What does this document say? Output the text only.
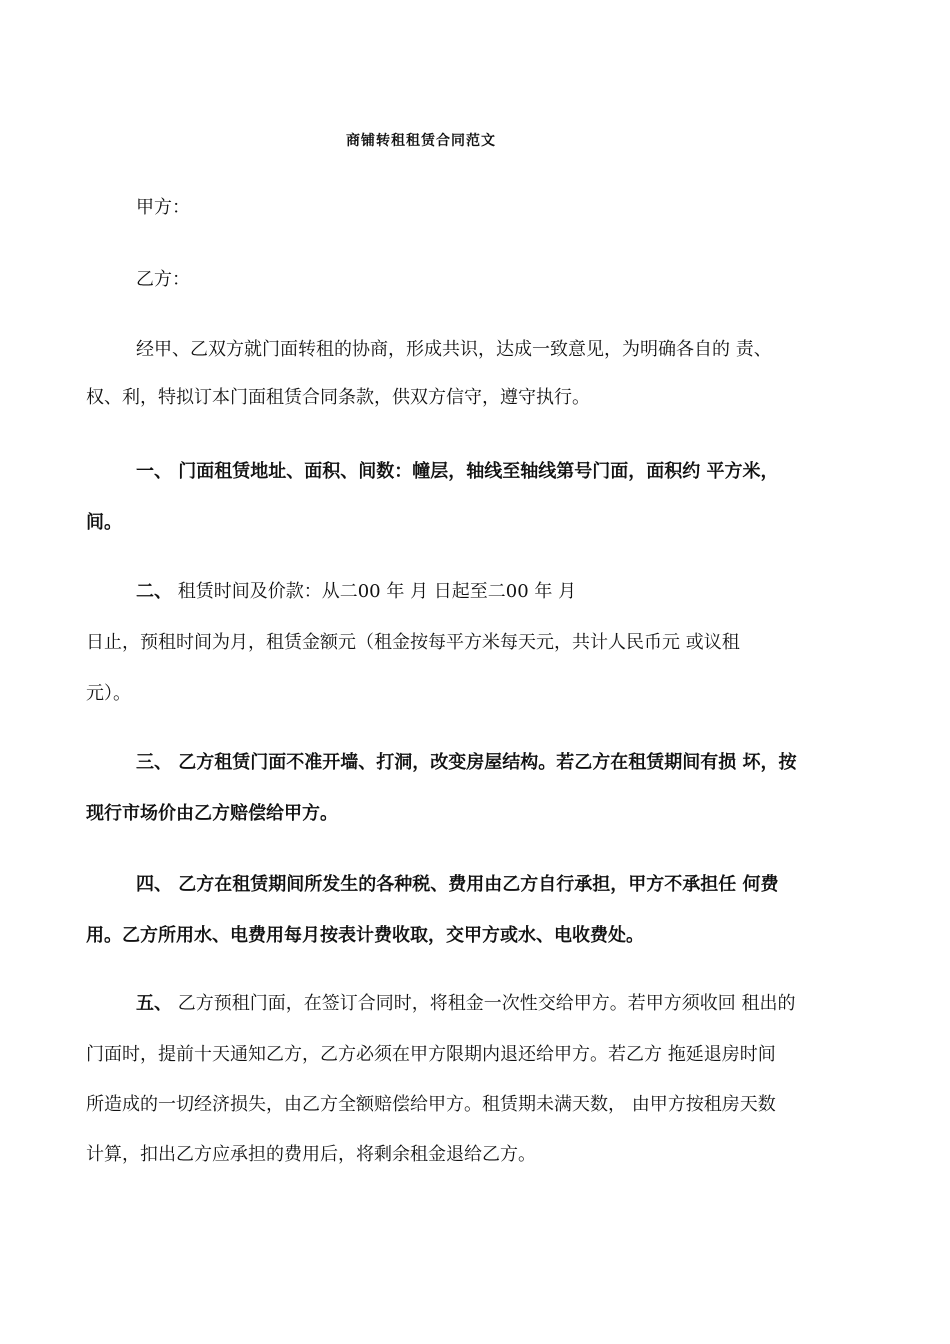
商铺转租租赁合同范文
甲方：
乙方：
经甲、乙双方就门面转租的协商，形成共识，达成一致意见，为明确各自的 责、
权、利，特拟订本门面租赁合同条款，供双方信守，遵守执行。
一、 门面租赁地址、面积、间数：幢层，轴线至轴线第号门面，面积约 平方米，
间。
二、 租赁时间及价款：从二00 年 月 日起至二00 年 月
日止，预租时间为月，租赁金额元（租金按每平方米每天元，共计人民币元 或议租
元）。
三、 乙方租赁门面不准开墙、打洞，改变房屋结构。若乙方在租赁期间有损 坏，按
现行市场价由乙方赔偿给甲方。
四、 乙方在租赁期间所发生的各种税、费用由乙方自行承担，甲方不承担任 何费
用。乙方所用水、电费用每月按表计费收取，交甲方或水、电收费处。
五、 乙方预租门面，在签订合同时，将租金一次性交给甲方。若甲方须收回 租出的
门面时，提前十天通知乙方，乙方必须在甲方限期内退还给甲方。若乙方 拖延退房时间
所造成的一切经济损失，由乙方全额赔偿给甲方。租赁期未满天数， 由甲方按租房天数
计算，扣出乙方应承担的费用后，将剩余租金退给乙方。
